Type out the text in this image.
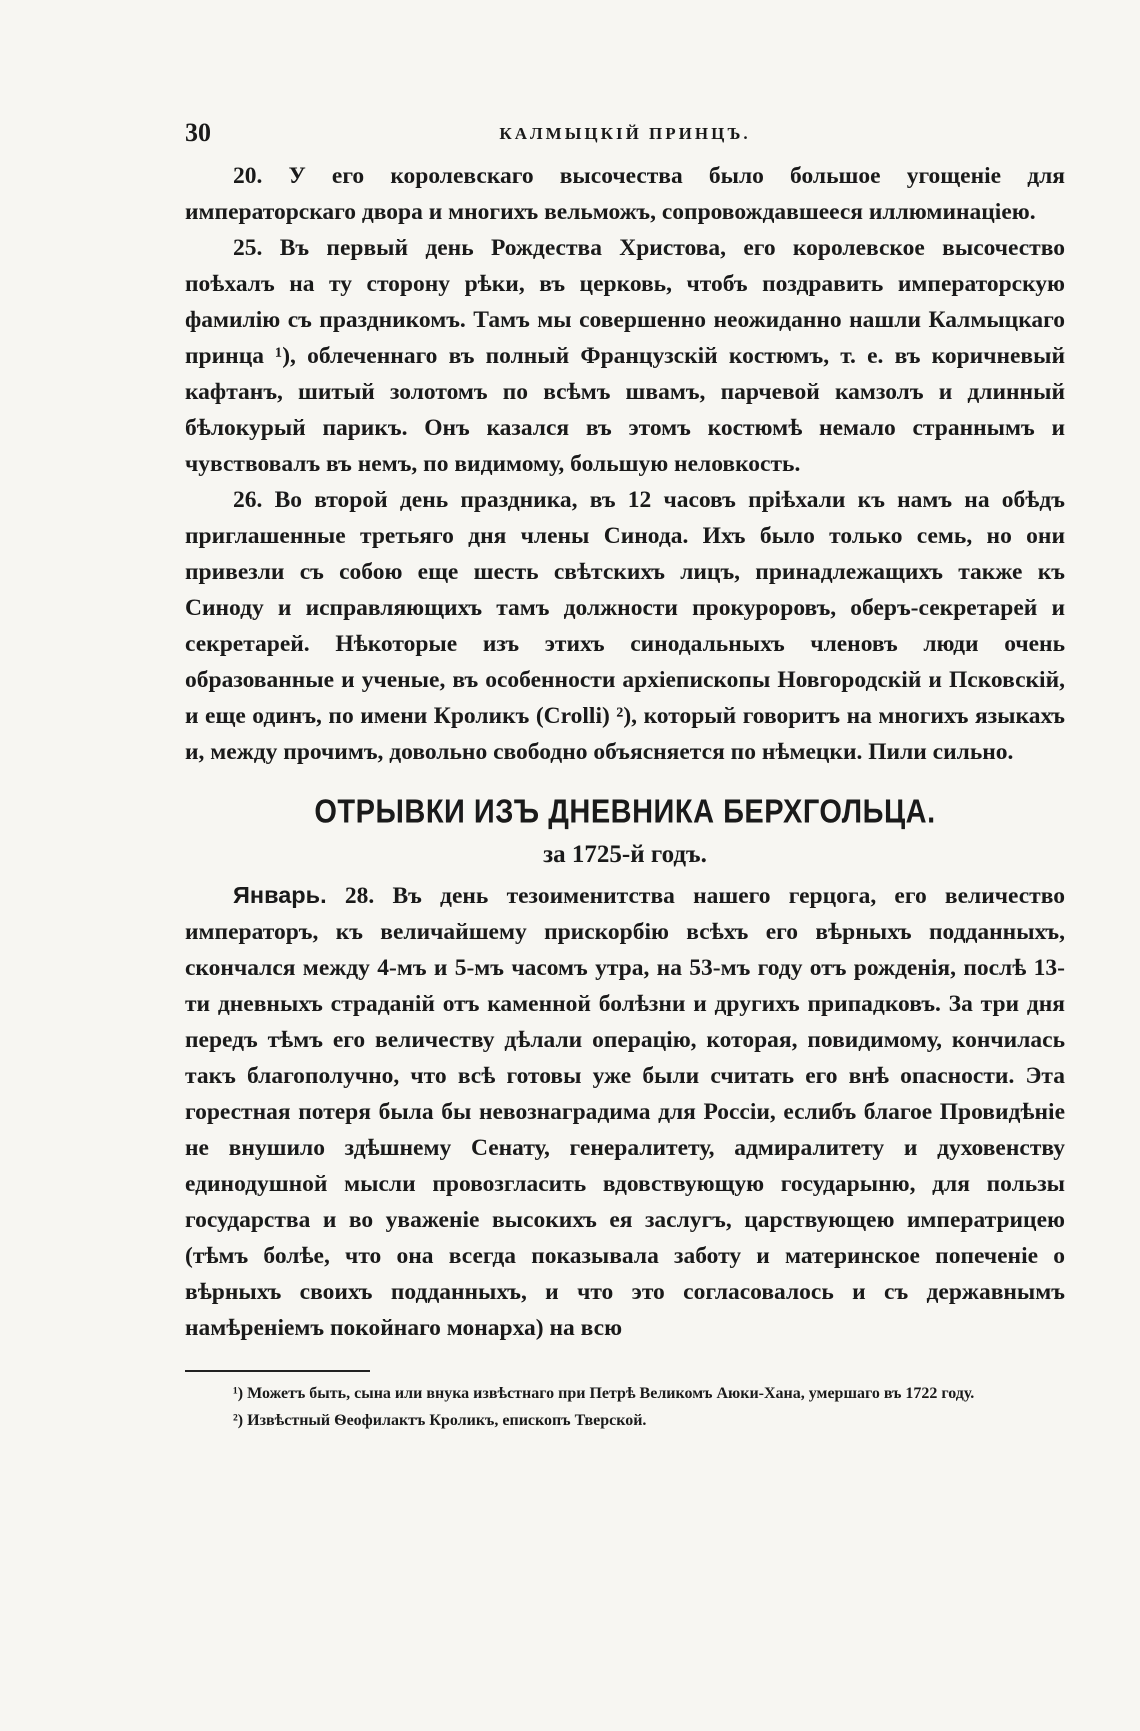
30	КАЛМЫЦКІЙ ПРИНЦЪ.

20. У его королевскаго высочества было большое угощеніе для императорскаго двора и многихъ вельможъ, сопровождавшееся иллюминаціею.

25. Въ первый день Рождества Христова, его королевское высочество поѣхалъ на ту сторону рѣки, въ церковь, чтобъ поздравить императорскую фамилію съ праздникомъ. Тамъ мы совершенно неожиданно нашли Калмыцкаго принца ¹), облеченнаго въ полный Французскій костюмъ, т. е. въ коричневый кафтанъ, шитый золотомъ по всѣмъ швамъ, парчевой камзолъ и длинный бѣлокурый парикъ. Онъ казался въ этомъ костюмѣ немало страннымъ и чувствовалъ въ немъ, по видимому, большую неловкость.

26. Во второй день праздника, въ 12 часовъ пріѣхали къ намъ на обѣдъ приглашенные третьяго дня члены Синода. Ихъ было только семь, но они привезли съ собою еще шесть свѣтскихъ лицъ, принадлежащихъ также къ Синоду и исправляющихъ тамъ должности прокуроровъ, оберъ-секретарей и секретарей. Нѣкоторые изъ этихъ синодальныхъ членовъ люди очень образованные и ученые, въ особенности архіепископы Новгородскій и Псковскій, и еще одинъ, по имени Кроликъ (Crolli) ²), который говоритъ на многихъ языкахъ и, между прочимъ, довольно свободно объясняется по нѣмецки. Пили сильно.

ОТРЫВКИ ИЗЪ ДНЕВНИКА БЕРХГОЛЬЦА.
за 1725-й годъ.

Январь. 28. Въ день тезоименитства нашего герцога, его величество императоръ, къ величайшему прискорбію всѣхъ его вѣрныхъ подданныхъ, скончался между 4-мъ и 5-мъ часомъ утра, на 53-мъ году отъ рожденія, послѣ 13-ти дневныхъ страданій отъ каменной болѣзни и другихъ припадковъ. За три дня передъ тѣмъ его величеству дѣлали операцію, которая, повидимому, кончилась такъ благополучно, что всѣ готовы уже были считать его внѣ опасности. Эта горестная потеря была бы невознаградима для Россіи, еслибъ благое Провидѣніе не внушило здѣшнему Сенату, генералитету, адмиралитету и духовенству единодушной мысли провозгласить вдовствующую государыню, для пользы государства и во уваженіе высокихъ ея заслугъ, царствующею императрицею (тѣмъ болѣе, что она всегда показывала заботу и материнское попеченіе о вѣрныхъ своихъ подданныхъ, и что это согласовалось и съ державнымъ намѣреніемъ покойнаго монарха) на всю

¹) Можетъ быть, сына или внука извѣстнаго при Петрѣ Великомъ Аюки-Хана, умершаго въ 1722 году.

²) Извѣстный Ѳеофилактъ Кроликъ, епископъ Тверской.
